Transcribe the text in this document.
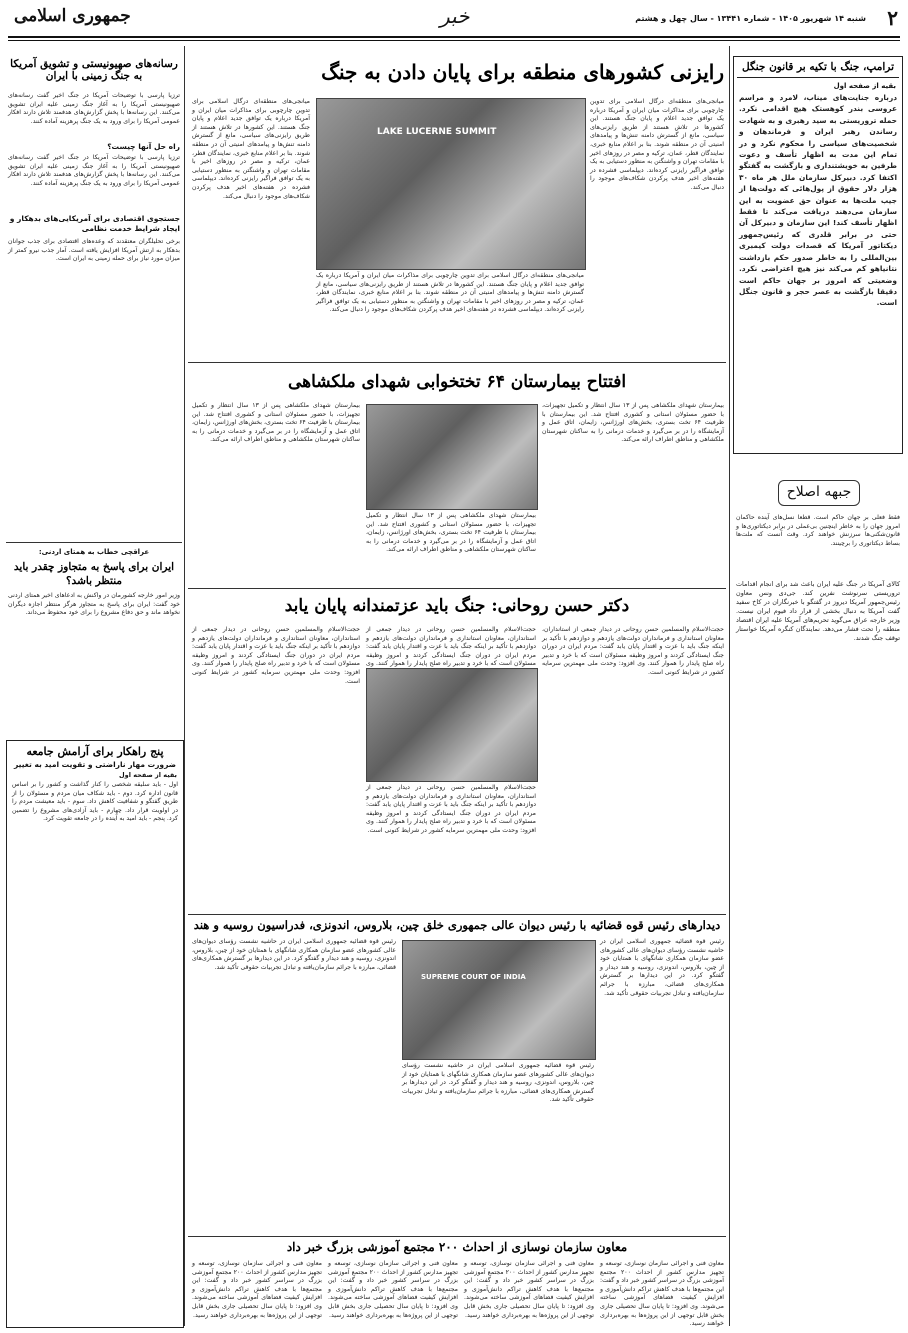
۲
شنبه ۱۴ شهریور ۱۴۰۵ - شماره ۱۳۴۴۱ - سال چهل و هشتم
خبر
جمهوری اسلامی
ترامپ، جنگ با تکیه بر قانون جنگل
بقیه از صفحه اول
درباره جنایت‌های میناب، لامرد و مراسم عروسی بندر کوهستک هیچ اقدامی نکرد. حمله تروریستی به سید رهبری و به شهادت رساندن رهبر ایران و فرماندهان و شخصیت‌های سیاسی را محکوم نکرد و در تمام این مدت به اظهار تأسف و دعوت طرفین به خویشتنداری و بازگشت به گفتگو اکتفا کرد. دبیرکل سازمان ملل هر ماه ۳۰ هزار دلار حقوق از پول‌هائی که دولت‌ها از جیب ملت‌ها به عنوان حق عضویت به این سازمان می‌دهند دریافت می‌کند تا فقط اظهار تأسف کند! این سازمان و دبیرکل آن حتی در برابر قلدری که رئیس‌جمهور دیکتاتور آمریکا که قصدات دولت کیمبری بین‌المللی را به خاطر صدور حکم بازداشت نتانیاهو کم می‌کند نیز هیچ اعتراضی نکرد. وضعیتی که امروز بر جهان حاکم است دقیقا بازگشت به عصر حجر و قانون جنگل است.
جبهه اصلاح
فقط فعلی بر جهان حاکم است. قطعا نسل‌های آینده حاکمان امروز جهان را به خاطر اینچنین بی‌عملی در برابر دیکتاتوری‌ها و قانون‌شکنی‌ها سرزنش خواهند کرد. وقت آنست که ملت‌ها بساط دیکتاتوری را برچینند.
کالای آمریکا در جنگ علیه ایران باعث شد برای انجام اقدامات تروریستی سرنوشت نفرین کند. جی‌دی ونس معاون رئیس‌جمهور آمریکا دیروز در گفتگو با خبرنگاران در کاخ سفید گفت آمریکا به دنبال بخشی از قرار داد فیوم ایران نیست. وزیر خارجه عراق می‌گوید تحریم‌های آمریکا علیه ایران اقتصاد منطقه را تحت فشار می‌دهد. نمایندگان کنگره آمریکا خواستار توقف جنگ شدند.
رایزنی کشورهای منطقه برای پایان دادن به جنگ
میانجی‌های منطقه‌ای درگال اسلامی برای تدوین چارچوبی برای مذاکرات میان ایران و آمریکا درباره یک توافق جدید اعلام و پایان جنگ هستند. این کشورها در تلاش هستند از طریق رایزنی‌های سیاسی، مانع از گسترش دامنه تنش‌ها و پیامدهای امنیتی آن در منطقه شوند. بنا بر اعلام منابع خبری، نمایندگان قطر، عمان، ترکیه و مصر در روزهای اخیر با مقامات تهران و واشنگتن به منظور دستیابی به یک توافق فراگیر رایزنی کرده‌اند. دیپلماسی فشرده در هفته‌های اخیر هدف پرکردن شکاف‌های موجود را دنبال می‌کند.
LAKE LUCERNE SUMMIT
میانجی‌های منطقه‌ای درگال اسلامی برای تدوین چارچوبی برای مذاکرات میان ایران و آمریکا درباره یک توافق جدید اعلام و پایان جنگ هستند. این کشورها در تلاش هستند از طریق رایزنی‌های سیاسی، مانع از گسترش دامنه تنش‌ها و پیامدهای امنیتی آن در منطقه شوند. بنا بر اعلام منابع خبری، نمایندگان قطر، عمان، ترکیه و مصر در روزهای اخیر با مقامات تهران و واشنگتن به منظور دستیابی به یک توافق فراگیر رایزنی کرده‌اند. دیپلماسی فشرده در هفته‌های اخیر هدف پرکردن شکاف‌های موجود را دنبال می‌کند.
میانجی‌های منطقه‌ای درگال اسلامی برای تدوین چارچوبی برای مذاکرات میان ایران و آمریکا درباره یک توافق جدید اعلام و پایان جنگ هستند. این کشورها در تلاش هستند از طریق رایزنی‌های سیاسی، مانع از گسترش دامنه تنش‌ها و پیامدهای امنیتی آن در منطقه شوند. بنا بر اعلام منابع خبری، نمایندگان قطر، عمان، ترکیه و مصر در روزهای اخیر با مقامات تهران و واشنگتن به منظور دستیابی به یک توافق فراگیر رایزنی کرده‌اند. دیپلماسی فشرده در هفته‌های اخیر هدف پرکردن شکاف‌های موجود را دنبال می‌کند.
افتتاح بیمارستان ۶۴ تختخوابی شهدای ملکشاهی
بیمارستان شهدای ملکشاهی پس از ۱۳ سال انتظار و تکمیل تجهیزات، با حضور مسئولان استانی و کشوری افتتاح شد. این بیمارستان با ظرفیت ۶۴ تخت بستری، بخش‌های اورژانس، زایمان، اتاق عمل و آزمایشگاه را در بر می‌گیرد و خدمات درمانی را به ساکنان شهرستان ملکشاهی و مناطق اطراف ارائه می‌کند.
بیمارستان شهدای ملکشاهی پس از ۱۳ سال انتظار و تکمیل تجهیزات، با حضور مسئولان استانی و کشوری افتتاح شد. این بیمارستان با ظرفیت ۶۴ تخت بستری، بخش‌های اورژانس، زایمان، اتاق عمل و آزمایشگاه را در بر می‌گیرد و خدمات درمانی را به ساکنان شهرستان ملکشاهی و مناطق اطراف ارائه می‌کند.
بیمارستان شهدای ملکشاهی پس از ۱۳ سال انتظار و تکمیل تجهیزات، با حضور مسئولان استانی و کشوری افتتاح شد. این بیمارستان با ظرفیت ۶۴ تخت بستری، بخش‌های اورژانس، زایمان، اتاق عمل و آزمایشگاه را در بر می‌گیرد و خدمات درمانی را به ساکنان شهرستان ملکشاهی و مناطق اطراف ارائه می‌کند.
دکتر حسن روحانی: جنگ باید عزتمندانه پایان یابد
حجت‌الاسلام والمسلمین حسن روحانی در دیدار جمعی از استانداران، معاونان استانداری و فرمانداران دولت‌های یازدهم و دوازدهم با تأکید بر اینکه جنگ باید با عزت و اقتدار پایان یابد گفت: مردم ایران در دوران جنگ ایستادگی کردند و امروز وظیفه مسئولان است که با خرد و تدبیر راه صلح پایدار را هموار کنند. وی افزود: وحدت ملی مهمترین سرمایه کشور در شرایط کنونی است.
حجت‌الاسلام والمسلمین حسن روحانی در دیدار جمعی از استانداران، معاونان استانداری و فرمانداران دولت‌های یازدهم و دوازدهم با تأکید بر اینکه جنگ باید با عزت و اقتدار پایان یابد گفت: مردم ایران در دوران جنگ ایستادگی کردند و امروز وظیفه مسئولان است که با خرد و تدبیر راه صلح پایدار را هموار کنند. وی
حجت‌الاسلام والمسلمین حسن روحانی در دیدار جمعی از استانداران، معاونان استانداری و فرمانداران دولت‌های یازدهم و دوازدهم با تأکید بر اینکه جنگ باید با عزت و اقتدار پایان یابد گفت: مردم ایران در دوران جنگ ایستادگی کردند و امروز وظیفه مسئولان است که با خرد و تدبیر راه صلح پایدار را هموار کنند. وی افزود: وحدت ملی مهمترین سرمایه کشور در شرایط کنونی است.
حجت‌الاسلام والمسلمین حسن روحانی در دیدار جمعی از استانداران، معاونان استانداری و فرمانداران دولت‌های یازدهم و دوازدهم با تأکید بر اینکه جنگ باید با عزت و اقتدار پایان یابد گفت: مردم ایران در دوران جنگ ایستادگی کردند و امروز وظیفه مسئولان است که با خرد و تدبیر راه صلح پایدار را هموار کنند. وی افزود: وحدت ملی مهمترین سرمایه کشور در شرایط کنونی است.
دیدارهای رئیس قوه قضائیه با رئیس دیوان عالی جمهوری خلق چین، بلاروس، اندونزی، فدراسیون روسیه و هند
رئیس قوه قضائیه جمهوری اسلامی ایران در حاشیه نشست رؤسای دیوان‌های عالی کشورهای عضو سازمان همکاری شانگهای با همتایان خود از چین، بلاروس، اندونزی، روسیه و هند دیدار و گفتگو کرد. در این دیدارها بر گسترش همکاری‌های قضائی، مبارزه با جرائم سازمان‌یافته و تبادل تجربیات حقوقی تأکید شد.
SUPREME COURT OF INDIA
رئیس قوه قضائیه جمهوری اسلامی ایران در حاشیه نشست رؤسای دیوان‌های عالی کشورهای عضو سازمان همکاری شانگهای با همتایان خود از چین، بلاروس، اندونزی، روسیه و هند دیدار و گفتگو کرد. در این دیدارها بر گسترش همکاری‌های قضائی، مبارزه با جرائم سازمان‌یافته و تبادل تجربیات حقوقی تأکید شد.
رئیس قوه قضائیه جمهوری اسلامی ایران در حاشیه نشست رؤسای دیوان‌های عالی کشورهای عضو سازمان همکاری شانگهای با همتایان خود از چین، بلاروس، اندونزی، روسیه و هند دیدار و گفتگو کرد. در این دیدارها بر گسترش همکاری‌های قضائی، مبارزه با جرائم سازمان‌یافته و تبادل تجربیات حقوقی تأکید شد.
معاون سازمان نوسازی از احداث ۲۰۰ مجتمع آموزشی بزرگ خبر داد
معاون فنی و اجرائی سازمان نوسازی، توسعه و تجهیز مدارس کشور از احداث ۲۰۰ مجتمع آموزشی بزرگ در سراسر کشور خبر داد و گفت: این مجتمع‌ها با هدف کاهش تراکم دانش‌آموزی و افزایش کیفیت فضاهای آموزشی ساخته می‌شوند. وی افزود: تا پایان سال تحصیلی جاری بخش قابل توجهی از این پروژه‌ها به بهره‌برداری خواهند رسید.
معاون فنی و اجرائی سازمان نوسازی، توسعه و تجهیز مدارس کشور از احداث ۲۰۰ مجتمع آموزشی بزرگ در سراسر کشور خبر داد و گفت: این مجتمع‌ها با هدف کاهش تراکم دانش‌آموزی و افزایش کیفیت فضاهای آموزشی ساخته می‌شوند. وی افزود: تا پایان سال تحصیلی جاری بخش قابل توجهی از این پروژه‌ها به بهره‌برداری خواهند رسید.
معاون فنی و اجرائی سازمان نوسازی، توسعه و تجهیز مدارس کشور از احداث ۲۰۰ مجتمع آموزشی بزرگ در سراسر کشور خبر داد و گفت: این مجتمع‌ها با هدف کاهش تراکم دانش‌آموزی و افزایش کیفیت فضاهای آموزشی ساخته می‌شوند. وی افزود: تا پایان سال تحصیلی جاری بخش قابل توجهی از این پروژه‌ها به بهره‌برداری خواهند رسید.
معاون فنی و اجرائی سازمان نوسازی، توسعه و تجهیز مدارس کشور از احداث ۲۰۰ مجتمع آموزشی بزرگ در سراسر کشور خبر داد و گفت: این مجتمع‌ها با هدف کاهش تراکم دانش‌آموزی و افزایش کیفیت فضاهای آموزشی ساخته می‌شوند. وی افزود: تا پایان سال تحصیلی جاری بخش قابل توجهی از این پروژه‌ها به بهره‌برداری خواهند رسید.
رسانه‌های صهیونیستی و تشویق آمریکا به جنگ زمینی با ایران
ترزیا پارسی با توضیحات آمریکا در جنگ اخیر گفت رسانه‌های صهیونیستی آمریکا را به آغاز جنگ زمینی علیه ایران تشویق می‌کنند. این رسانه‌ها با پخش گزارش‌های هدفمند تلاش دارند افکار عمومی آمریکا را برای ورود به یک جنگ پرهزینه آماده کنند.
راه حل آنها چیست؟
ترزیا پارسی با توضیحات آمریکا در جنگ اخیر گفت رسانه‌های صهیونیستی آمریکا را به آغاز جنگ زمینی علیه ایران تشویق می‌کنند. این رسانه‌ها با پخش گزارش‌های هدفمند تلاش دارند افکار عمومی آمریکا را برای ورود به یک جنگ پرهزینه آماده کنند.
جستجوی اقتصادی برای آمریکایی‌های بدهکار و ایجاد شرایط خدمت نظامی
برخی تحلیلگران معتقدند که وعده‌های اقتصادی برای جذب جوانان بدهکار به ارتش آمریکا افزایش یافته است. آمار جذب نیرو کمتر از میزان مورد نیاز برای حمله زمینی به ایران است.
عراقچی خطاب به همتای اردنی:
ایران برای پاسخ به متجاوز چقدر باید منتظر باشد؟
وزیر امور خارجه کشورمان در واکنش به ادعاهای اخیر همتای اردنی خود گفت: ایران برای پاسخ به متجاوز هرگز منتظر اجازه دیگران نخواهد ماند و حق دفاع مشروع را برای خود محفوظ می‌داند.
پنج راهکار برای آرامش جامعه
ضرورت مهار ناراضتی و تقویت امید به تغییر
بقیه از صفحه اول
اول - باید سلیقه شخصی را کنار گذاشت و کشور را بر اساس قانون اداره کرد. دوم - باید شکاف میان مردم و مسئولان را از طریق گفتگو و شفافیت کاهش داد. سوم - باید معیشت مردم را در اولویت قرار داد. چهارم - باید آزادی‌های مشروع را تضمین کرد. پنجم - باید امید به آینده را در جامعه تقویت کرد.
